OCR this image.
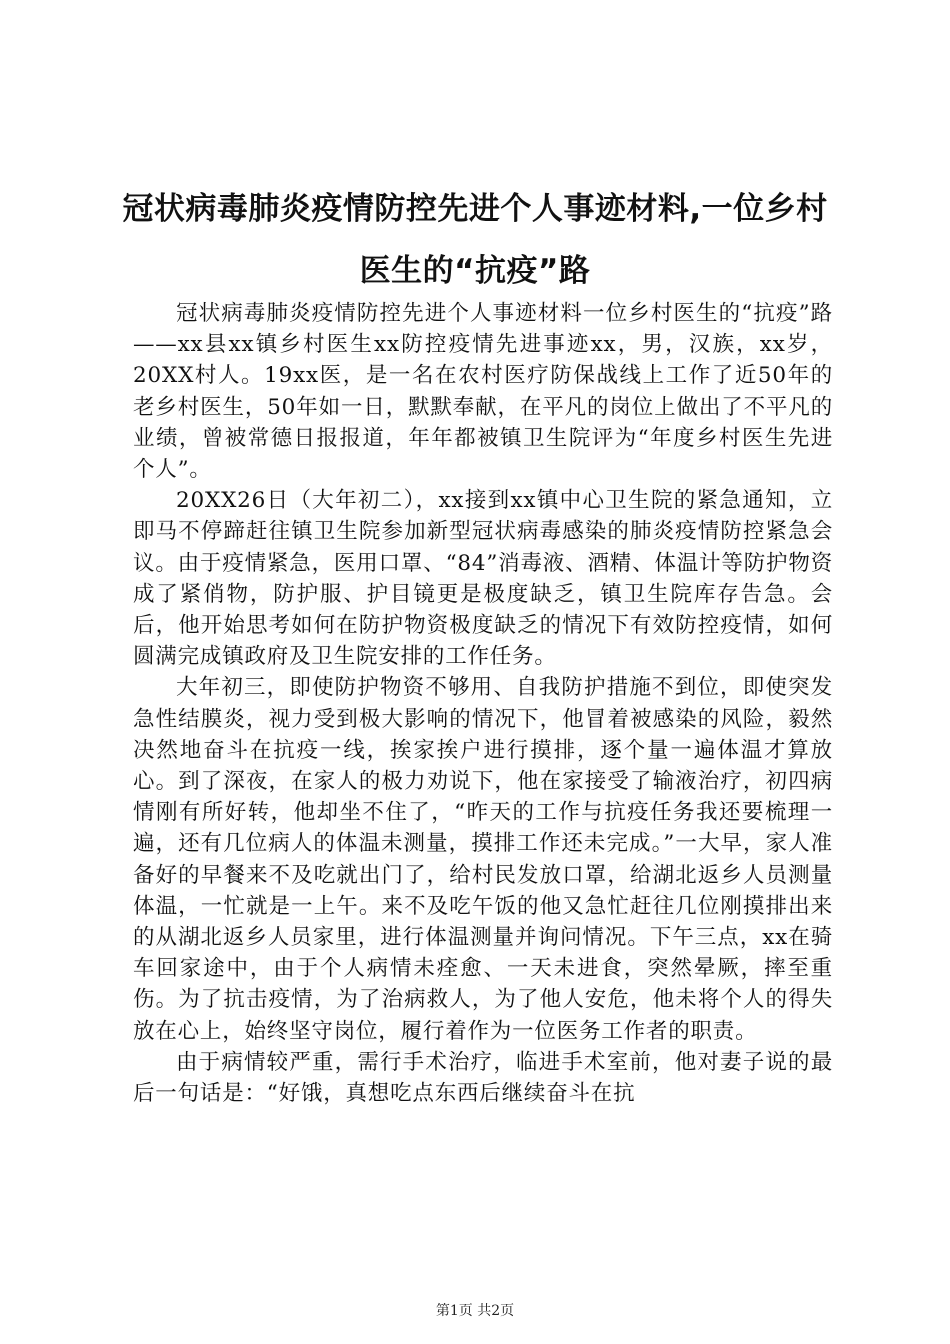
冠状病毒肺炎疫情防控先进个人事迹材料,一位乡村医生的“抗疫”路

冠状病毒肺炎疫情防控先进个人事迹材料一位乡村医生的“抗疫”路——xx县xx镇乡村医生xx防控疫情先进事迹xx，男，汉族，xx岁，20XX村人。19xx医，是一名在农村医疗防保战线上工作了近50年的老乡村医生，50年如一日，默默奉献，在平凡的岗位上做出了不平凡的业绩，曾被常德日报报道，年年都被镇卫生院评为“年度乡村医生先进个人”。

20XX26日（大年初二），xx接到xx镇中心卫生院的紧急通知，立即马不停蹄赶往镇卫生院参加新型冠状病毒感染的肺炎疫情防控紧急会议。由于疫情紧急，医用口罩、“84”消毒液、酒精、体温计等防护物资成了紧俏物，防护服、护目镜更是极度缺乏，镇卫生院库存告急。会后，他开始思考如何在防护物资极度缺乏的情况下有效防控疫情，如何圆满完成镇政府及卫生院安排的工作任务。

大年初三，即使防护物资不够用、自我防护措施不到位，即使突发急性结膜炎，视力受到极大影响的情况下，他冒着被感染的风险，毅然决然地奋斗在抗疫一线，挨家挨户进行摸排，逐个量一遍体温才算放心。到了深夜，在家人的极力劝说下，他在家接受了输液治疗，初四病情刚有所好转，他却坐不住了，“昨天的工作与抗疫任务我还要梳理一遍，还有几位病人的体温未测量，摸排工作还未完成。”一大早，家人准备好的早餐来不及吃就出门了，给村民发放口罩，给湖北返乡人员测量体温，一忙就是一上午。来不及吃午饭的他又急忙赶往几位刚摸排出来的从湖北返乡人员家里，进行体温测量并询问情况。下午三点，xx在骑车回家途中，由于个人病情未痊愈、一天未进食，突然晕厥，摔至重伤。为了抗击疫情，为了治病救人，为了他人安危，他未将个人的得失放在心上，始终坚守岗位，履行着作为一位医务工作者的职责。

由于病情较严重，需行手术治疗，临进手术室前，他对妻子说的最后一句话是：“好饿，真想吃点东西后继续奋斗在抗

第1页 共2页
